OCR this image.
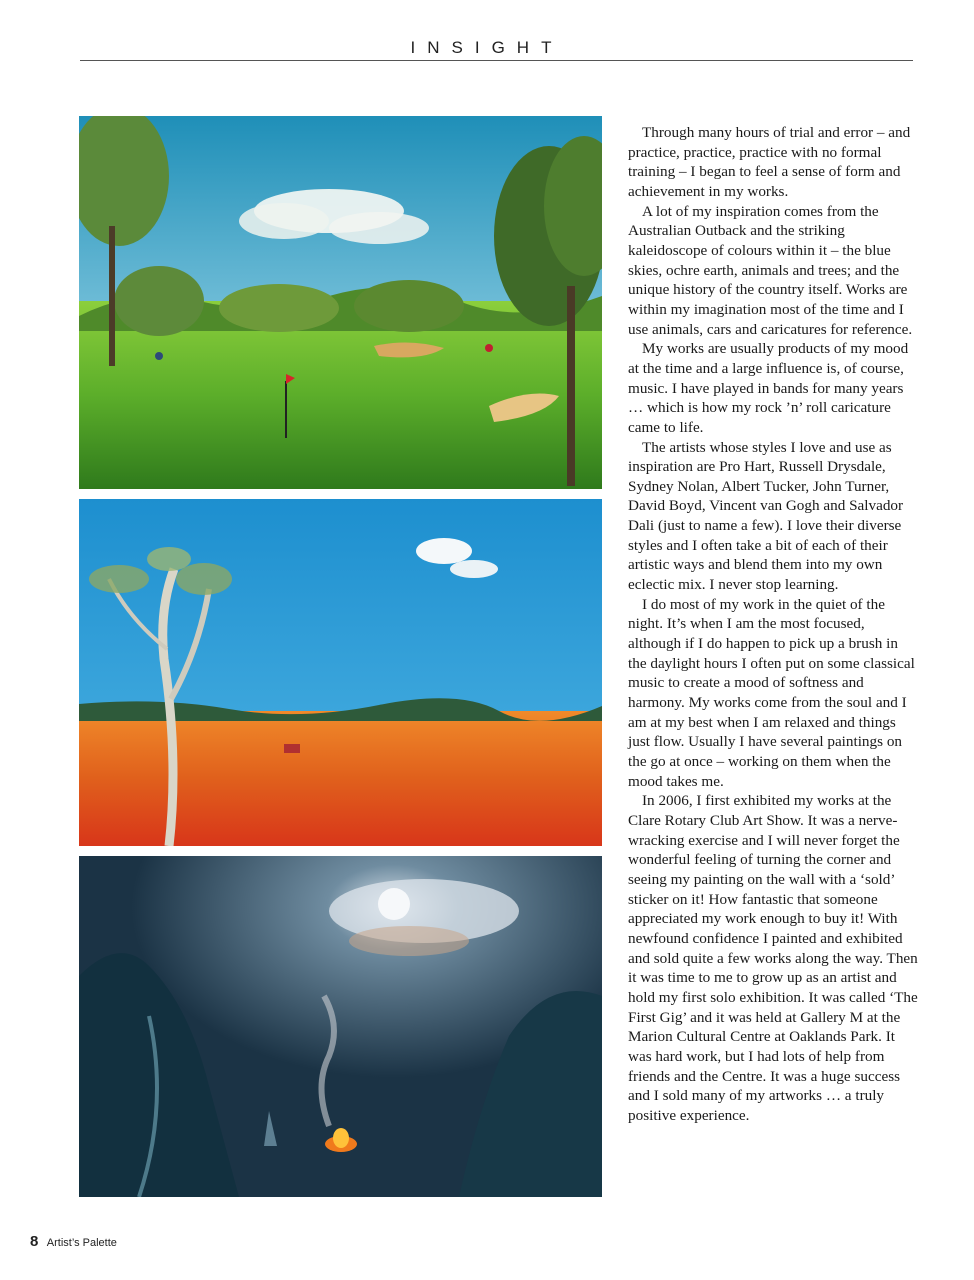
INSIGHT

Through many hours of trial and error – and practice, practice, practice with no formal training – I began to feel a sense of form and achievement in my works.

A lot of my inspiration comes from the Australian Outback and the striking kaleidoscope of colours within it – the blue skies, ochre earth, animals and trees; and the unique history of the country itself. Works are within my imagination most of the time and I use animals, cars and caricatures for reference.

My works are usually products of my mood at the time and a large influence is, of course, music. I have played in bands for many years … which is how my rock ’n’ roll caricature came to life.

The artists whose styles I love and use as inspiration are Pro Hart, Russell Drysdale, Sydney Nolan, Albert Tucker, John Turner, David Boyd, Vincent van Gogh and Salvador Dali (just to name a few). I love their diverse styles and I often take a bit of each of their artistic ways and blend them into my own eclectic mix. I never stop learning.

I do most of my work in the quiet of the night. It’s when I am the most focused, although if I do happen to pick up a brush in the daylight hours I often put on some classical music to create a mood of softness and harmony. My works come from the soul and I am at my best when I am relaxed and things just flow. Usually I have several paintings on the go at once – working on them when the mood takes me.

In 2006, I first exhibited my works at the Clare Rotary Club Art Show. It was a nerve-wracking exercise and I will never forget the wonderful feeling of turning the corner and seeing my painting on the wall with a ‘sold’ sticker on it! How fantastic that someone appreciated my work enough to buy it! With newfound confidence I painted and exhibited and sold quite a few works along the way. Then it was time to me to grow up as an artist and hold my first solo exhibition. It was called ‘The First Gig’ and it was held at Gallery M at the Marion Cultural Centre at Oaklands Park. It was hard work, but I had lots of help from friends and the Centre. It was a huge success and I sold many of my artworks … a truly positive experience.

8 Artist’s Palette
